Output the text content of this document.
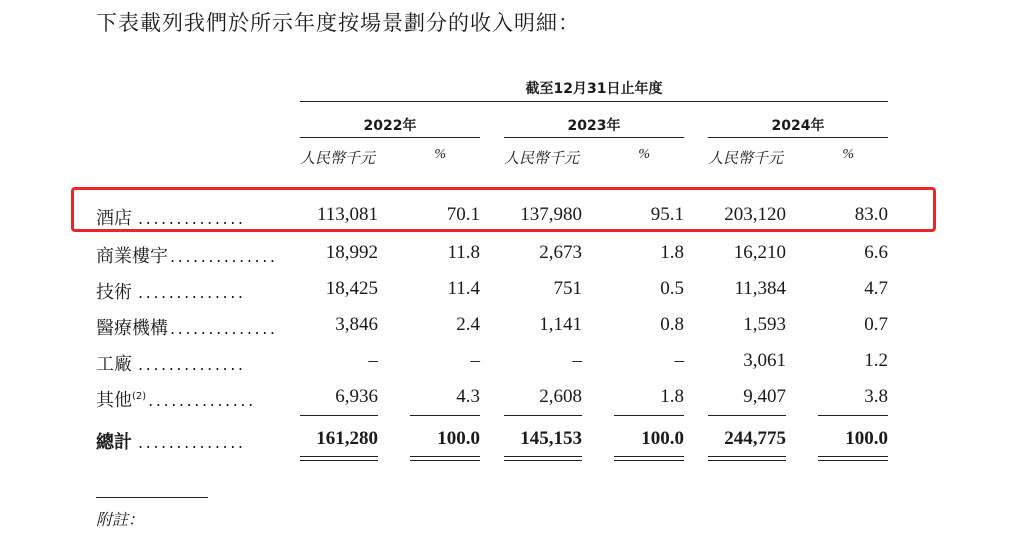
下表載列我們於所示年度按場景劃分的收入明細：
截至12月31日止年度
2022年	2023年	2024年
人民幣千元	%	人民幣千元	%	人民幣千元	%
酒店 ..............	113,081	70.1	137,980	95.1	203,120	83.0
商業樓宇 ..............	18,992	11.8	2,673	1.8	16,210	6.6
技術 ..............	18,425	11.4	751	0.5	11,384	4.7
醫療機構 ..............	3,846	2.4	1,141	0.8	1,593	0.7
工廠 ..............	–	–	–	–	3,061	1.2
其他$^{(2)}$ ..............	6,936	4.3	2,608	1.8	9,407	3.8
總計 ..............	161,280	100.0	145,153	100.0	244,775	100.0
附註：
